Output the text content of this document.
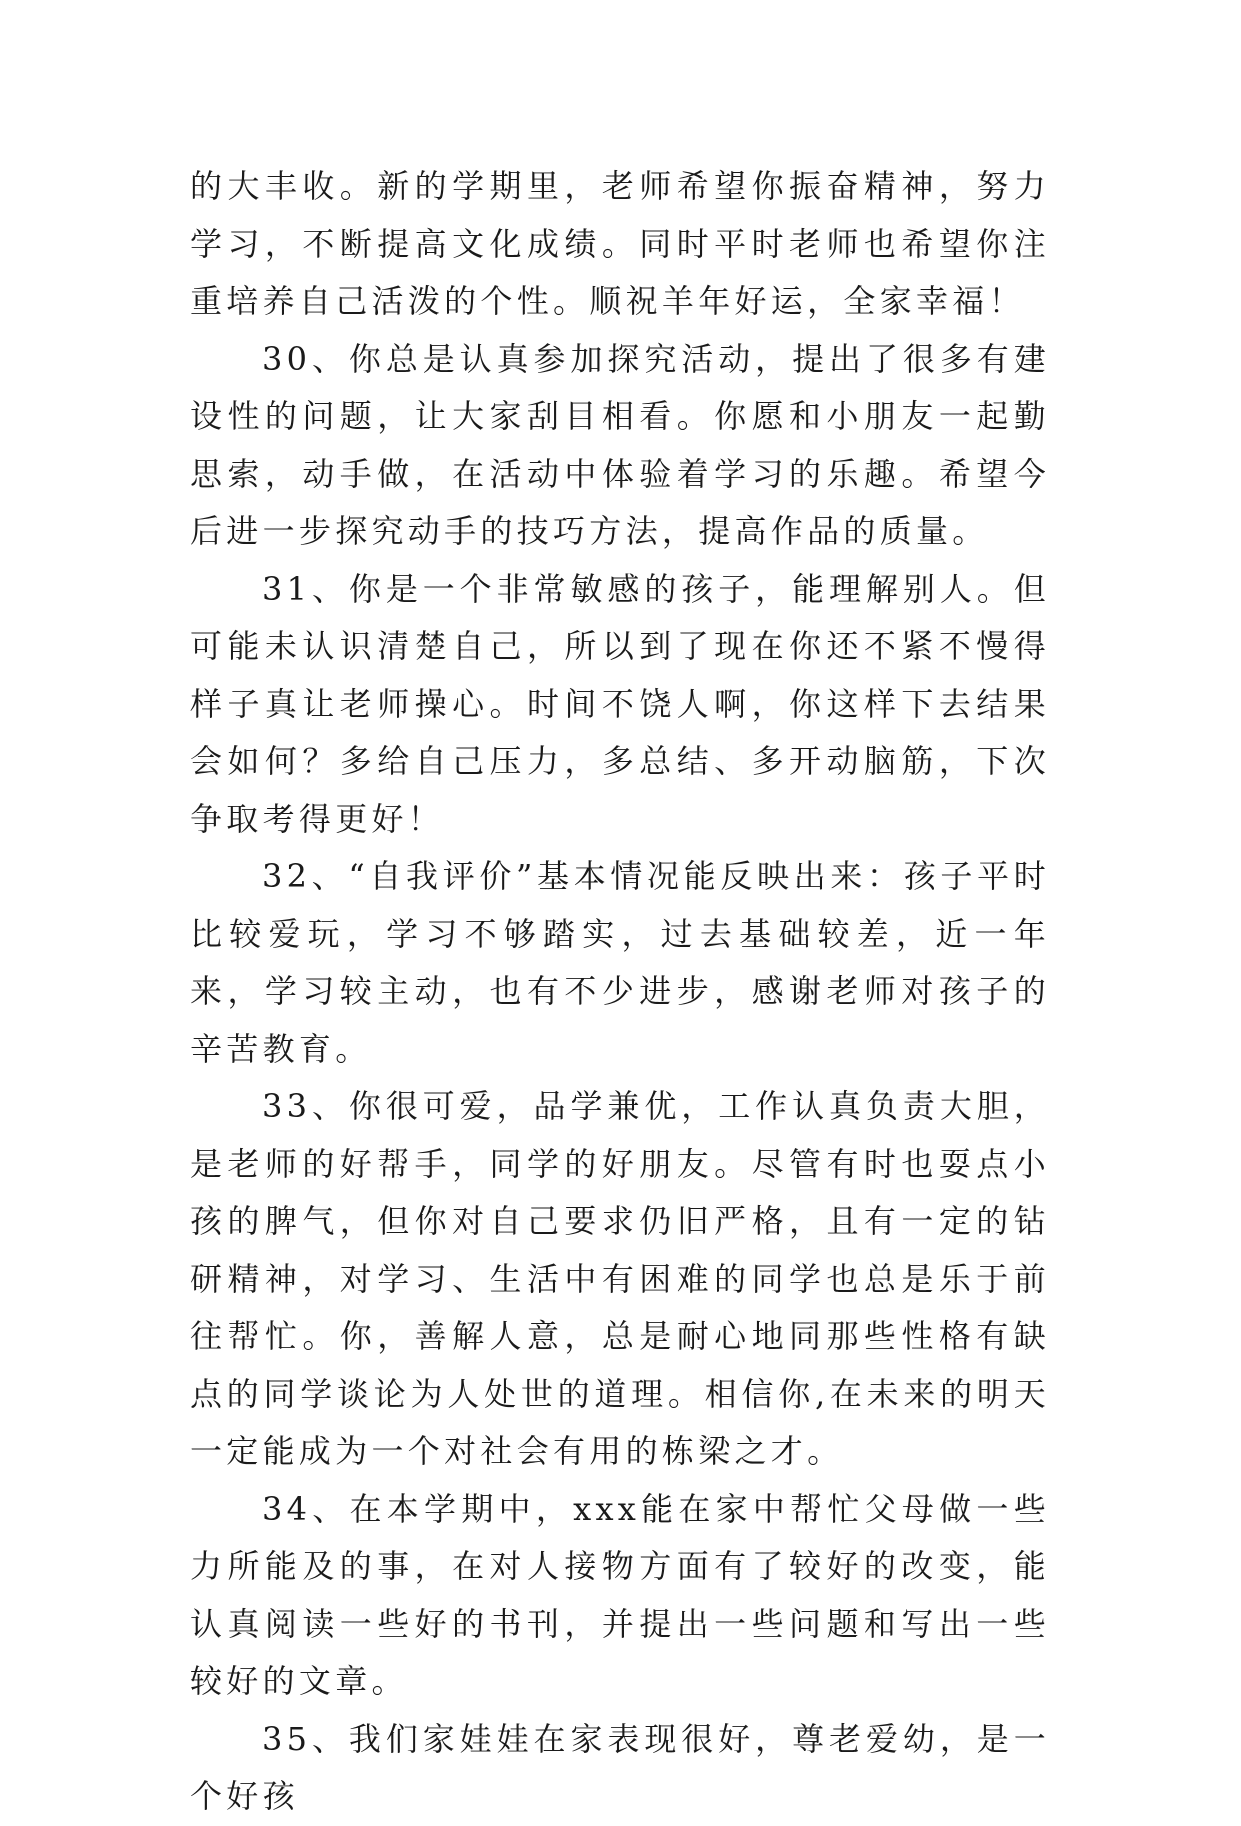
的大丰收。新的学期里，老师希望你振奋精神，努力学习，不断提高文化成绩。同时平时老师也希望你注重培养自己活泼的个性。顺祝羊年好运，全家幸福！

30、你总是认真参加探究活动，提出了很多有建设性的问题，让大家刮目相看。你愿和小朋友一起勤思索，动手做，在活动中体验着学习的乐趣。希望今后进一步探究动手的技巧方法，提高作品的质量。

31、你是一个非常敏感的孩子，能理解别人。但可能未认识清楚自己，所以到了现在你还不紧不慢得样子真让老师操心。时间不饶人啊，你这样下去结果会如何？多给自己压力，多总结、多开动脑筋，下次争取考得更好！

32、“自我评价”基本情况能反映出来：孩子平时比较爱玩，学习不够踏实，过去基础较差，近一年来，学习较主动，也有不少进步，感谢老师对孩子的辛苦教育。

33、你很可爱，品学兼优，工作认真负责大胆，是老师的好帮手，同学的好朋友。尽管有时也耍点小孩的脾气，但你对自己要求仍旧严格，且有一定的钻研精神，对学习、生活中有困难的同学也总是乐于前往帮忙。你，善解人意，总是耐心地同那些性格有缺点的同学谈论为人处世的道理。相信你,在未来的明天一定能成为一个对社会有用的栋梁之才。

34、在本学期中，xxx能在家中帮忙父母做一些力所能及的事，在对人接物方面有了较好的改变，能认真阅读一些好的书刊，并提出一些问题和写出一些较好的文章。

35、我们家娃娃在家表现很好，尊老爱幼，是一个好孩
